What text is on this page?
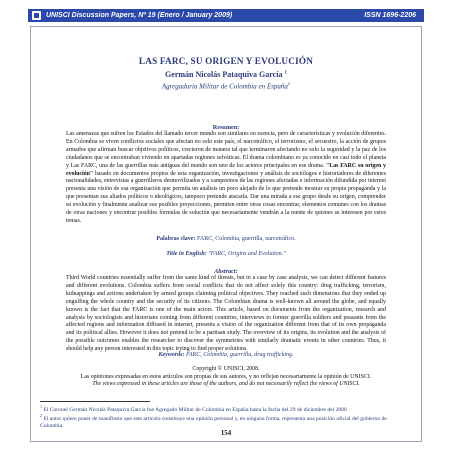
UNISCI Discussion Papers, Nº 19 (Enero / January 2009)	ISSN 1696-2206
LAS FARC, SU ORIGEN Y EVOLUCIÓN
Germán Nicolás Pataquiva García $^1$
Agregaduría Militar de Colombia en España$^2$
Resumen:
Las amenazas que sufren los Estados del llamado tercer mundo son similares en esencia, pero de características y evolución diferentes. En Colombia se viven conflictos sociales que afectan no solo este país, el narcotráfico, el terrorismo, el secuestro, la acción de grupos armados que afirman buscar objetivos políticos, crecieron de manera tal que terminaron afectando no solo la seguridad y la paz de los ciudadanos que se encontraban viviendo en apartadas regiones selváticas. El drama colombiano es ya conocido en casi todo el planeta y Las FARC, una de las guerrillas más antiguas del mundo son uno de los actores principales en ese drama. "Las FARC su origen y evolución" basado en documentos propios de esta organización, investigaciones y análisis de sociólogos e historiadores de diferentes nacionalidades, entrevistas a guerrilleros desmovilizados y a campesinos de las regiones afectadas e información difundida por internet presenta una visión de esa organización que permita un análisis un poco alejado de lo que pretende mostrar su propia propaganda y la que presentan sus aliados políticos o ideológicos, tampoco pretende atacarla. Dar una mirada a ese grupo desde su origen, comprender su evolución y finalmente analizar sus posibles proyecciones, permiten entre otras cosas encontrar, elementos comunes con los dramas de otras naciones y encontrar posibles fórmulas de solución que necesariamente vendrán a la mente de quienes se interesen por estos temas.
Palabras clave: FARC, Colombia, guerrilla, narcotráfico.
Title in English: "FARC, Origins and Evolution."
Abstract:
Third World countries essentially suffer from the same kind of threats, but in a case by case analysis, we can detect different features and different evolutions. Colombia suffers from social conflicts that do not affect solely this country: drug trafficking, terrorism, kidnappings and actions undertaken by armed groups claiming political objectives. They reached such dimensions that they ended up engulfing the whole country and the security of its citizens. The Colombian drama is well-known all around the globe, and equally known is the fact that the FARC is one of the main actors. This article, based on documents from the organization, research and analysis by sociologists and historians coming from different countries, interviews to former guerrilla soldiers and peasants from the affected regions and information diffused in internet, presents a vision of the organization different from that of its own propaganda and its political allies. However it does not pretend to be a partisan study. The overview of its origins, its evolution and the analysis of the possible outcomes enables the researcher to discover the symmetries with similarly dramatic events in other countries. Thus, it should help any person interested in this topic trying to find proper solutions.
Keywords: FARC, Colombia, guerrilla, drug trafficking.
Copyright © UNISCI, 2008.
Las opiniones expresadas en estos artículos son propias de sus autores, y no reflejan necesariamente la opinión de UNISCI.
The views expressed in these articles are those of the authors, and do not necessarily reflect the views of UNISCI.
$^1$ El Coronel Germán Nicolás Pataquiva García fue Agregado Militar de Colombia en España hasta la fecha del 29 de diciembre del 2008
$^2$ El autor quiere poner de manifiesto que este artículo constituye una opinión personal y, en ninguna forma, representa una posición oficial del gobierno de Colombia.
154
